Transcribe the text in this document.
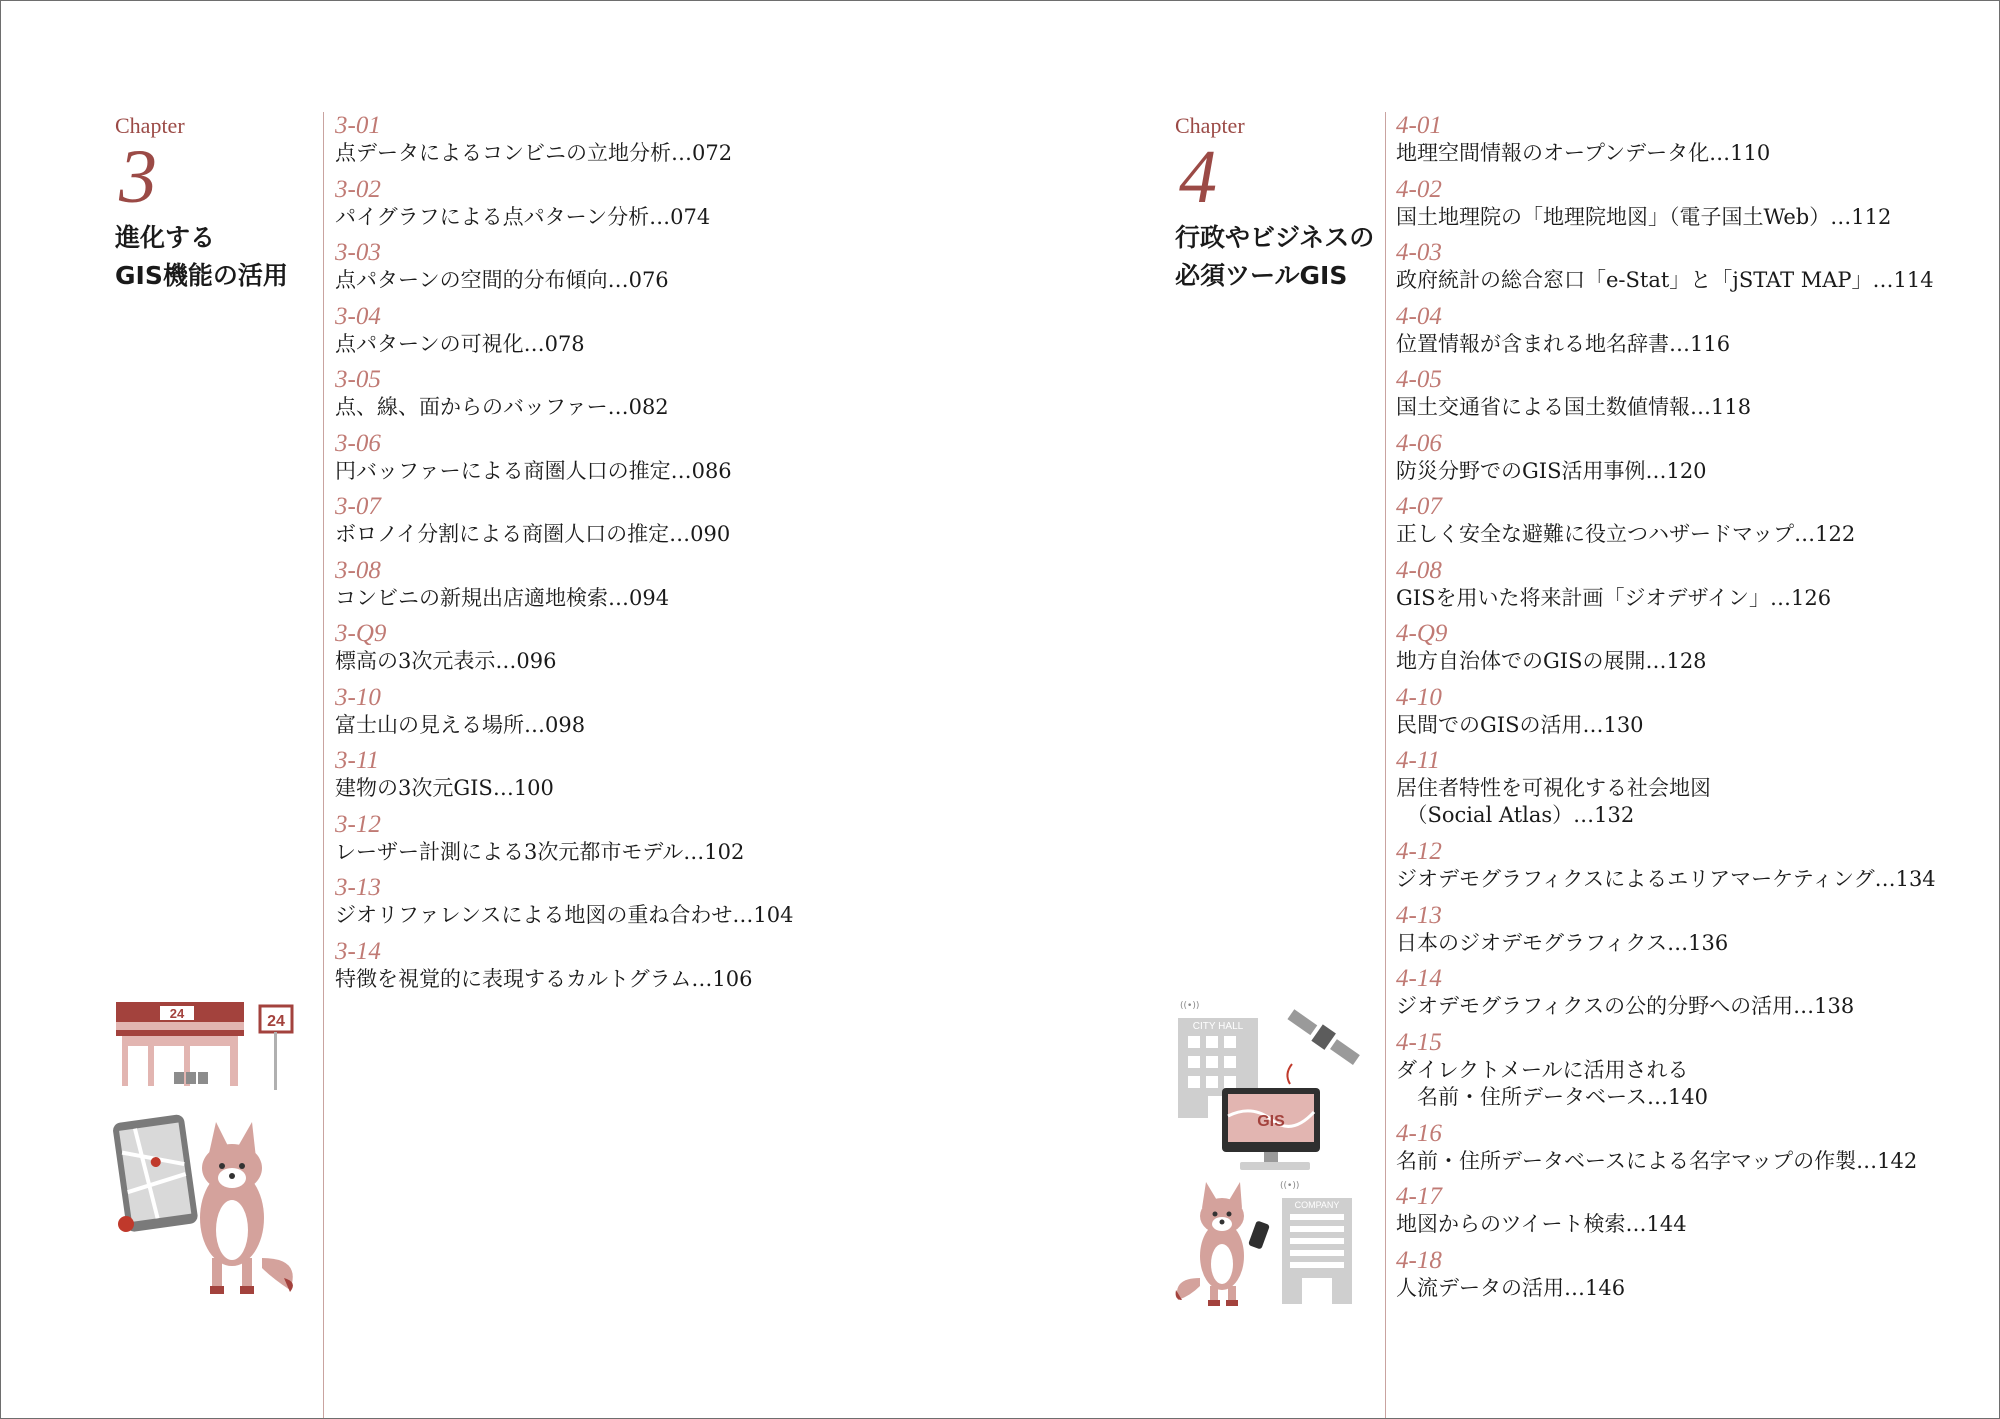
Chapter
3
進化する
GIS機能の活用
3-01
点データによるコンビニの立地分析…072
3-02
パイグラフによる点パターン分析…074
3-03
点パターンの空間的分布傾向…076
3-04
点パターンの可視化…078
3-05
点、線、面からのバッファー…082
3-06
円バッファーによる商圏人口の推定…086
3-07
ボロノイ分割による商圏人口の推定…090
3-08
コンビニの新規出店適地検索…094
3-Q9
標高の3次元表示…096
3-10
富士山の見える場所…098
3-11
建物の3次元GIS…100
3-12
レーザー計測による3次元都市モデル…102
3-13
ジオリファレンスによる地図の重ね合わせ…104
3-14
特徴を視覚的に表現するカルトグラム…106
24	24
Chapter
4
行政やビジネスの
必須ツールGIS
4-01
地理空間情報のオープンデータ化…110
4-02
国土地理院の「地理院地図」（電子国土Web）…112
4-03
政府統計の総合窓口「e-Stat」と「jSTAT MAP」…114
4-04
位置情報が含まれる地名辞書…116
4-05
国土交通省による国土数値情報…118
4-06
防災分野でのGIS活用事例…120
4-07
正しく安全な避難に役立つハザードマップ…122
4-08
GISを用いた将来計画「ジオデザイン」…126
4-Q9
地方自治体でのGISの展開…128
4-10
民間でのGISの活用…130
4-11
居住者特性を可視化する社会地図
　（Social Atlas）…132
4-12
ジオデモグラフィクスによるエリアマーケティング…134
4-13
日本のジオデモグラフィクス…136
4-14
ジオデモグラフィクスの公的分野への活用…138
4-15
ダイレクトメールに活用される
　名前・住所データベース…140
4-16
名前・住所データベースによる名字マップの作製…142
4-17
地図からのツイート検索…144
4-18
人流データの活用…146
((•))
CITY HALL
GIS
((•))
COMPANY
